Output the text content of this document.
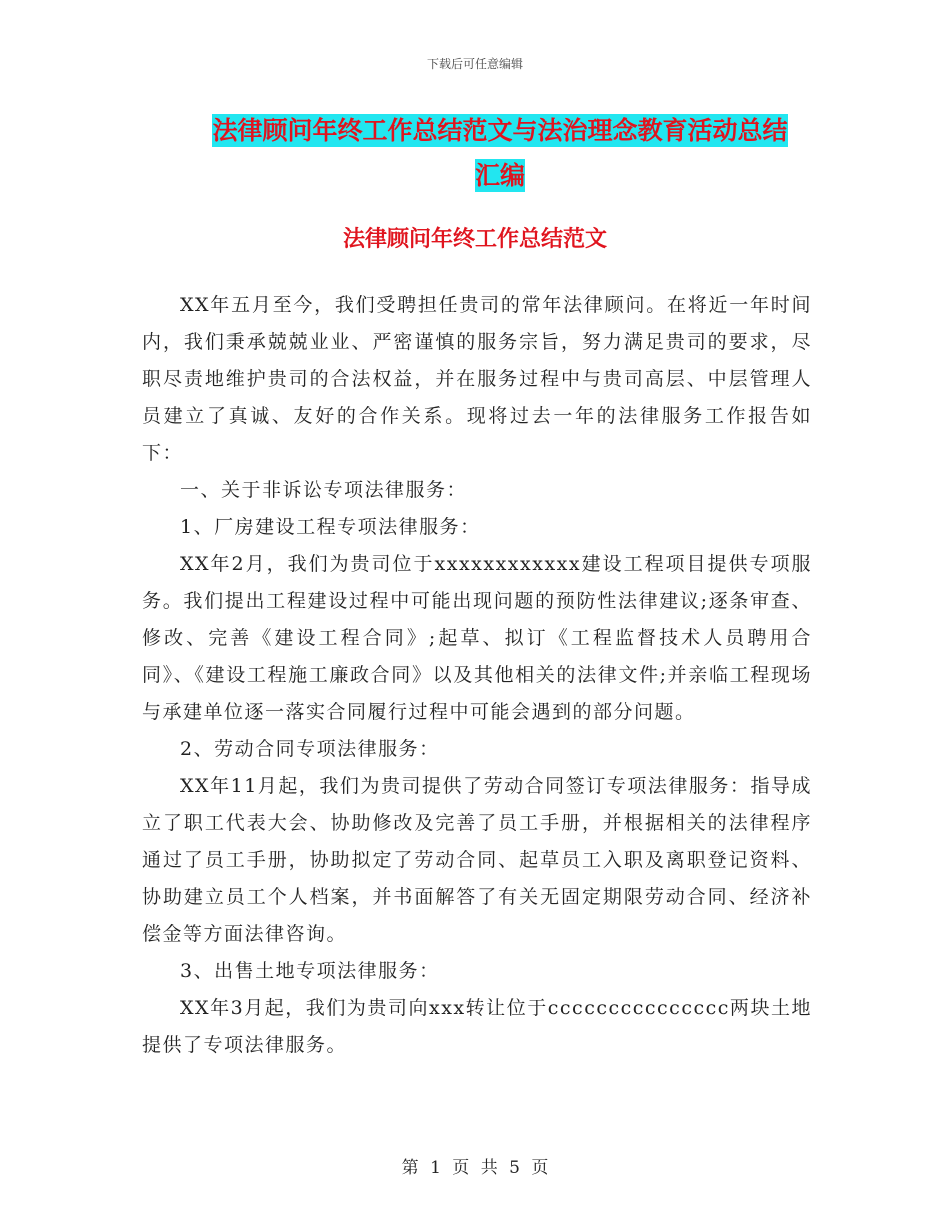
下载后可任意编辑
法律顾问年终工作总结范文与法治理念教育活动总结
汇编
法律顾问年终工作总结范文

XX年五月至今，我们受聘担任贵司的常年法律顾问。在将近一年时间内，我们秉承兢兢业业、严密谨慎的服务宗旨，努力满足贵司的要求，尽职尽责地维护贵司的合法权益，并在服务过程中与贵司高层、中层管理人员建立了真诚、友好的合作关系。现将过去一年的法律服务工作报告如下：

一、关于非诉讼专项法律服务：

1、厂房建设工程专项法律服务：

XX年2月，我们为贵司位于xxxxxxxxxxxx建设工程项目提供专项服务。我们提出工程建设过程中可能出现问题的预防性法律建议;逐条审查、修改、完善《建设工程合同》;起草、拟订《工程监督技术人员聘用合同》、《建设工程施工廉政合同》以及其他相关的法律文件;并亲临工程现场与承建单位逐一落实合同履行过程中可能会遇到的部分问题。

2、劳动合同专项法律服务：

XX年11月起，我们为贵司提供了劳动合同签订专项法律服务：指导成立了职工代表大会、协助修改及完善了员工手册，并根据相关的法律程序通过了员工手册，协助拟定了劳动合同、起草员工入职及离职登记资料、协助建立员工个人档案，并书面解答了有关无固定期限劳动合同、经济补偿金等方面法律咨询。

3、出售土地专项法律服务：

XX年3月起，我们为贵司向xxx转让位于ccccccccccccccc两块土地提供了专项法律服务。

第 1 页 共 5 页
